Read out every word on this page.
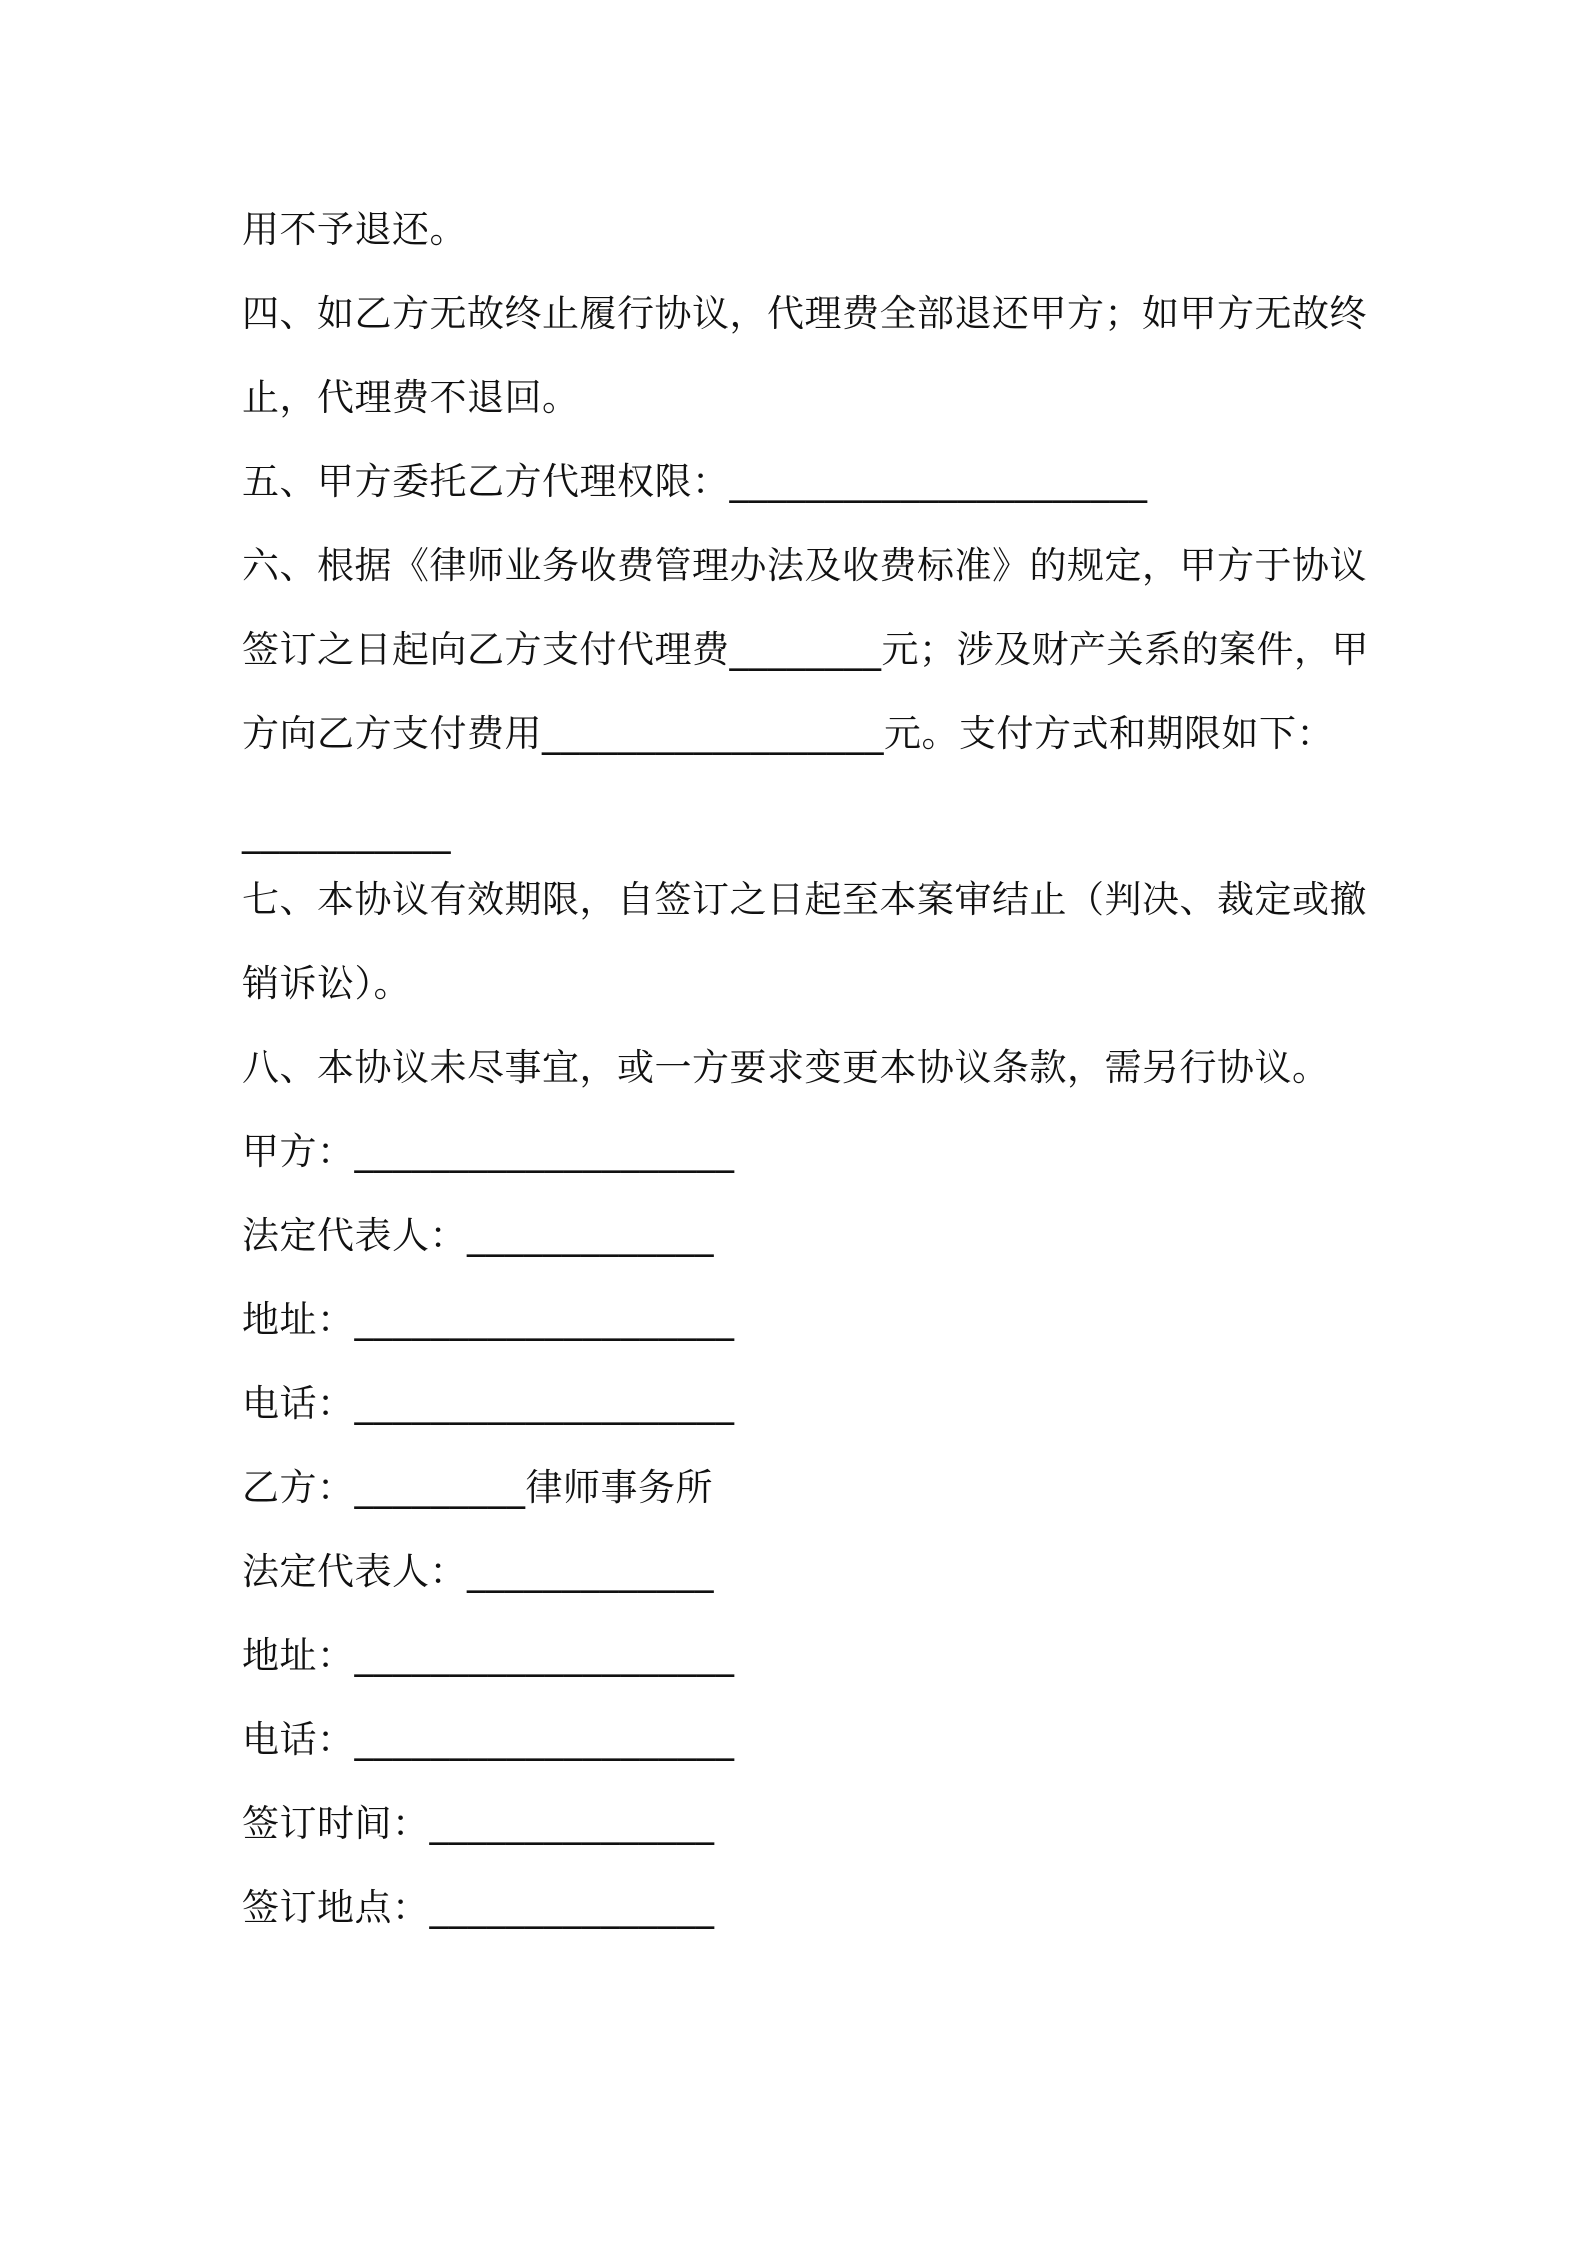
用不予退还。
四、如乙方无故终止履行协议，代理费全部退还甲方；如甲方无故终
止，代理费不退回。
五、甲方委托乙方代理权限：______________________
六、根据《律师业务收费管理办法及收费标准》的规定，甲方于协议
签订之日起向乙方支付代理费________元；涉及财产关系的案件，甲
方向乙方支付费用__________________元。支付方式和期限如下：
___________
七、本协议有效期限，自签订之日起至本案审结止（判决、裁定或撤
销诉讼）。
八、本协议未尽事宜，或一方要求变更本协议条款，需另行协议。
甲方：____________________
法定代表人：_____________
地址：____________________
电话：____________________
乙方：_________律师事务所
法定代表人：_____________
地址：____________________
电话：____________________
签订时间：_______________
签订地点：_______________
